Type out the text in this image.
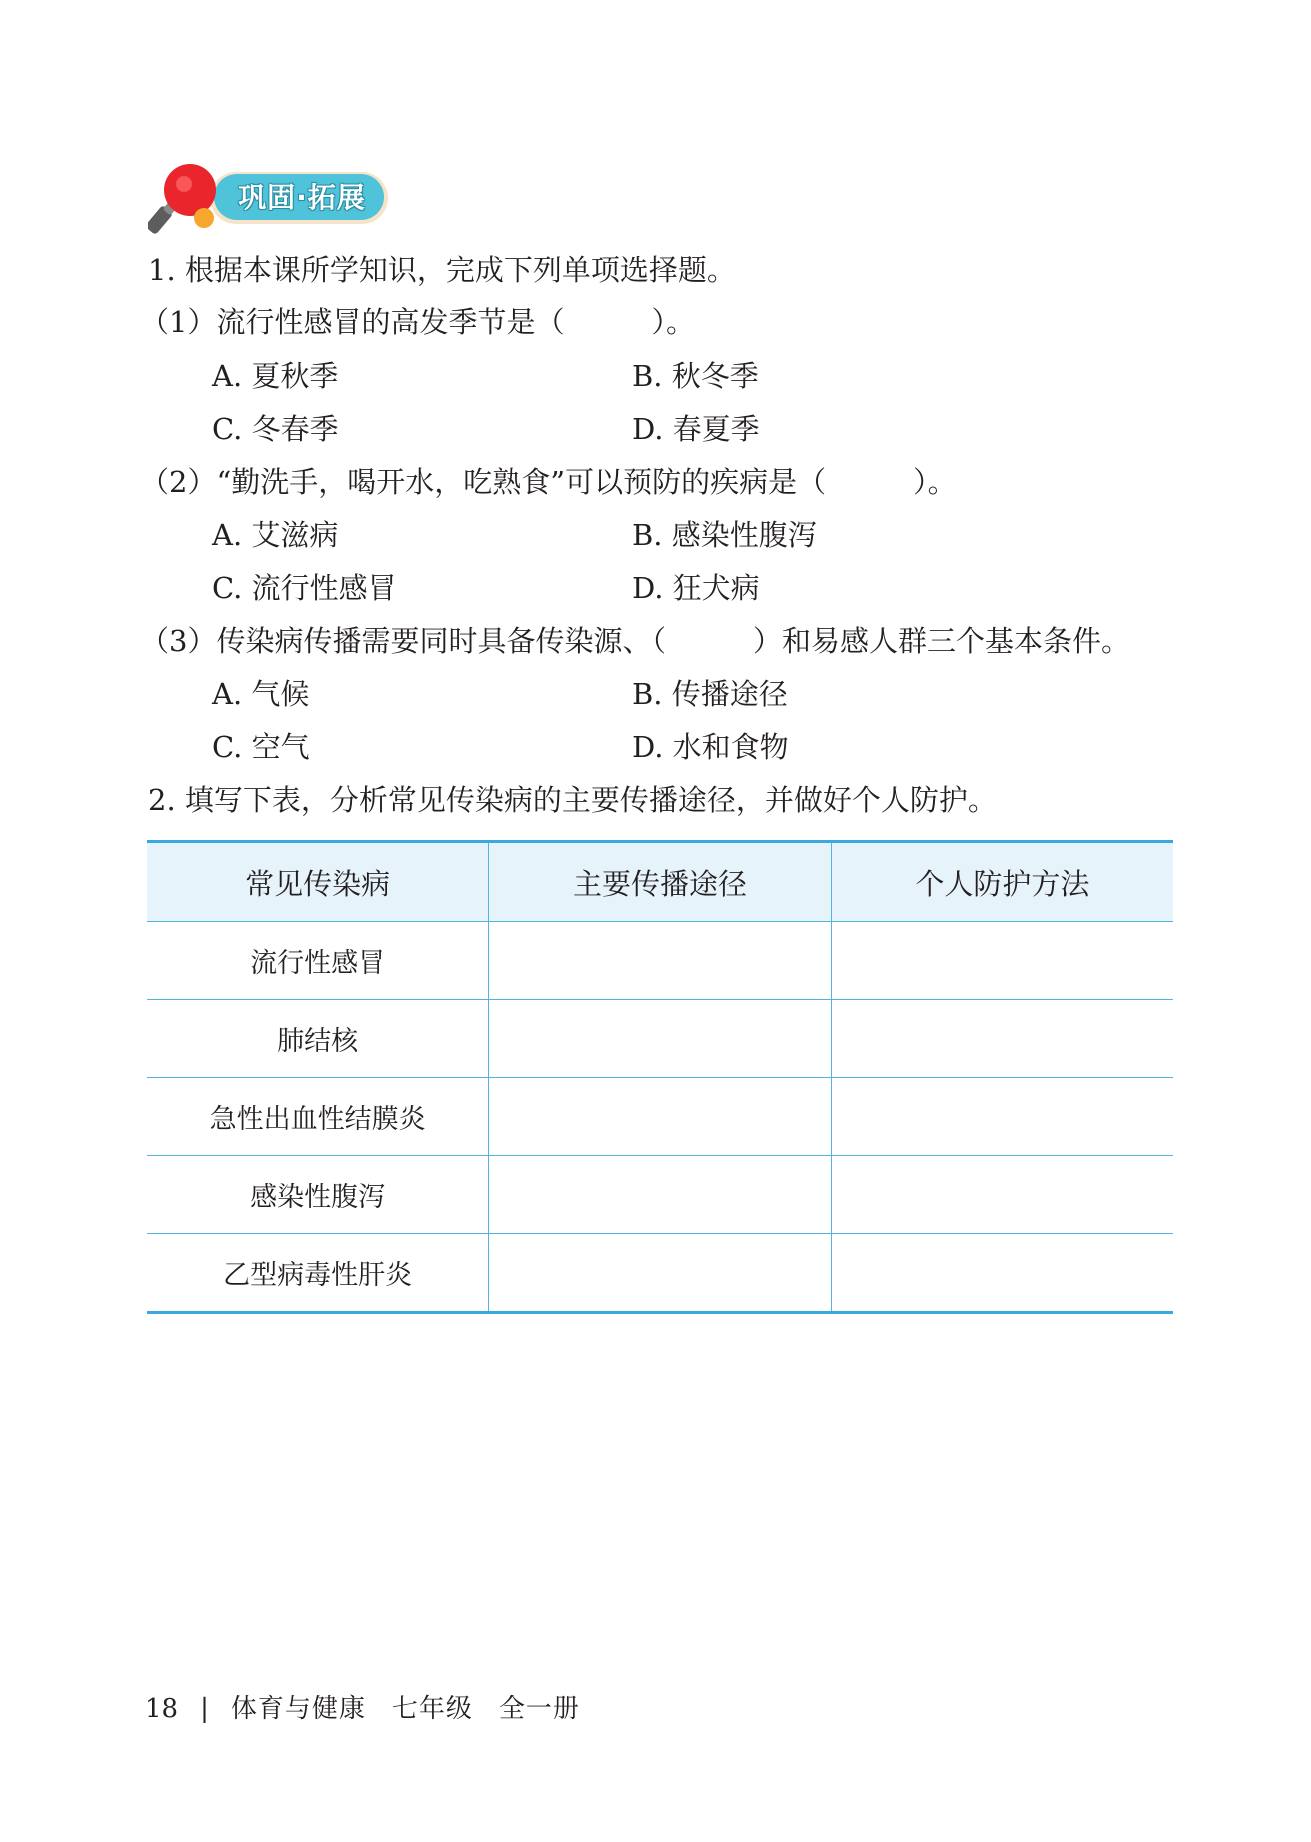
巩固·拓展
1. 根据本课所学知识，完成下列单项选择题。
（1）流行性感冒的高发季节是（　　　）。
A. 夏秋季	B. 秋冬季
C. 冬春季	D. 春夏季
（2）“勤洗手，喝开水，吃熟食”可以预防的疾病是（　　　）。
A. 艾滋病	B. 感染性腹泻
C. 流行性感冒	D. 狂犬病
（3）传染病传播需要同时具备传染源、（　　　）和易感人群三个基本条件。
A. 气候	B. 传播途径
C. 空气	D. 水和食物
2. 填写下表，分析常见传染病的主要传播途径，并做好个人防护。
常见传染病	主要传播途径	个人防护方法
流行性感冒		
肺结核		
急性出血性结膜炎		
感染性腹泻		
乙型病毒性肝炎		
18 | 体育与健康 七年级 全一册
